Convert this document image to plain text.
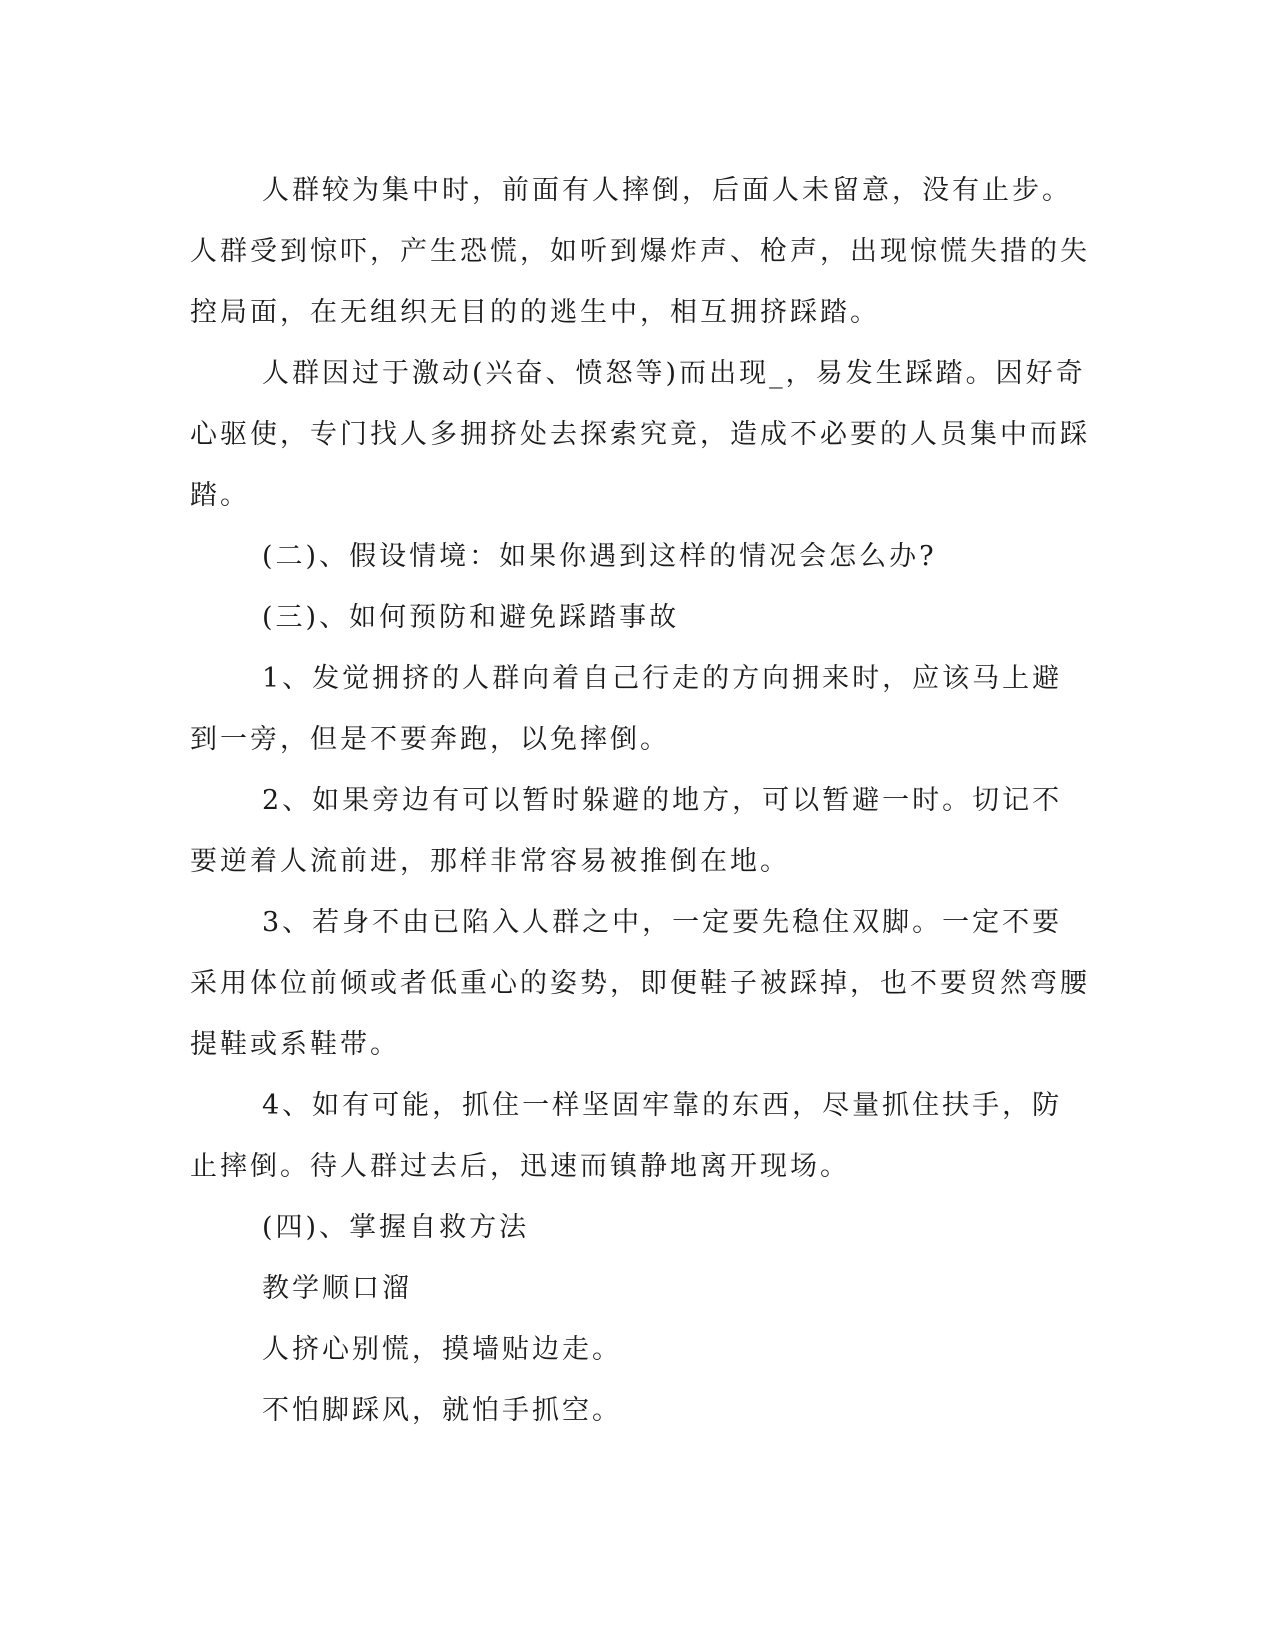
人群较为集中时，前面有人摔倒，后面人未留意，没有止步。人群受到惊吓，产生恐慌，如听到爆炸声、枪声，出现惊慌失措的失控局面，在无组织无目的的逃生中，相互拥挤踩踏。

人群因过于激动(兴奋、愤怒等)而出现_，易发生踩踏。因好奇心驱使，专门找人多拥挤处去探索究竟，造成不必要的人员集中而踩踏。

(二)、假设情境：如果你遇到这样的情况会怎么办?

(三)、如何预防和避免踩踏事故

1、发觉拥挤的人群向着自己行走的方向拥来时，应该马上避到一旁，但是不要奔跑，以免摔倒。

2、如果旁边有可以暂时躲避的地方，可以暂避一时。切记不要逆着人流前进，那样非常容易被推倒在地。

3、若身不由已陷入人群之中，一定要先稳住双脚。一定不要采用体位前倾或者低重心的姿势，即便鞋子被踩掉，也不要贸然弯腰提鞋或系鞋带。

4、如有可能，抓住一样坚固牢靠的东西，尽量抓住扶手，防止摔倒。待人群过去后，迅速而镇静地离开现场。

(四)、掌握自救方法

教学顺口溜

人挤心别慌，摸墙贴边走。

不怕脚踩风，就怕手抓空。
